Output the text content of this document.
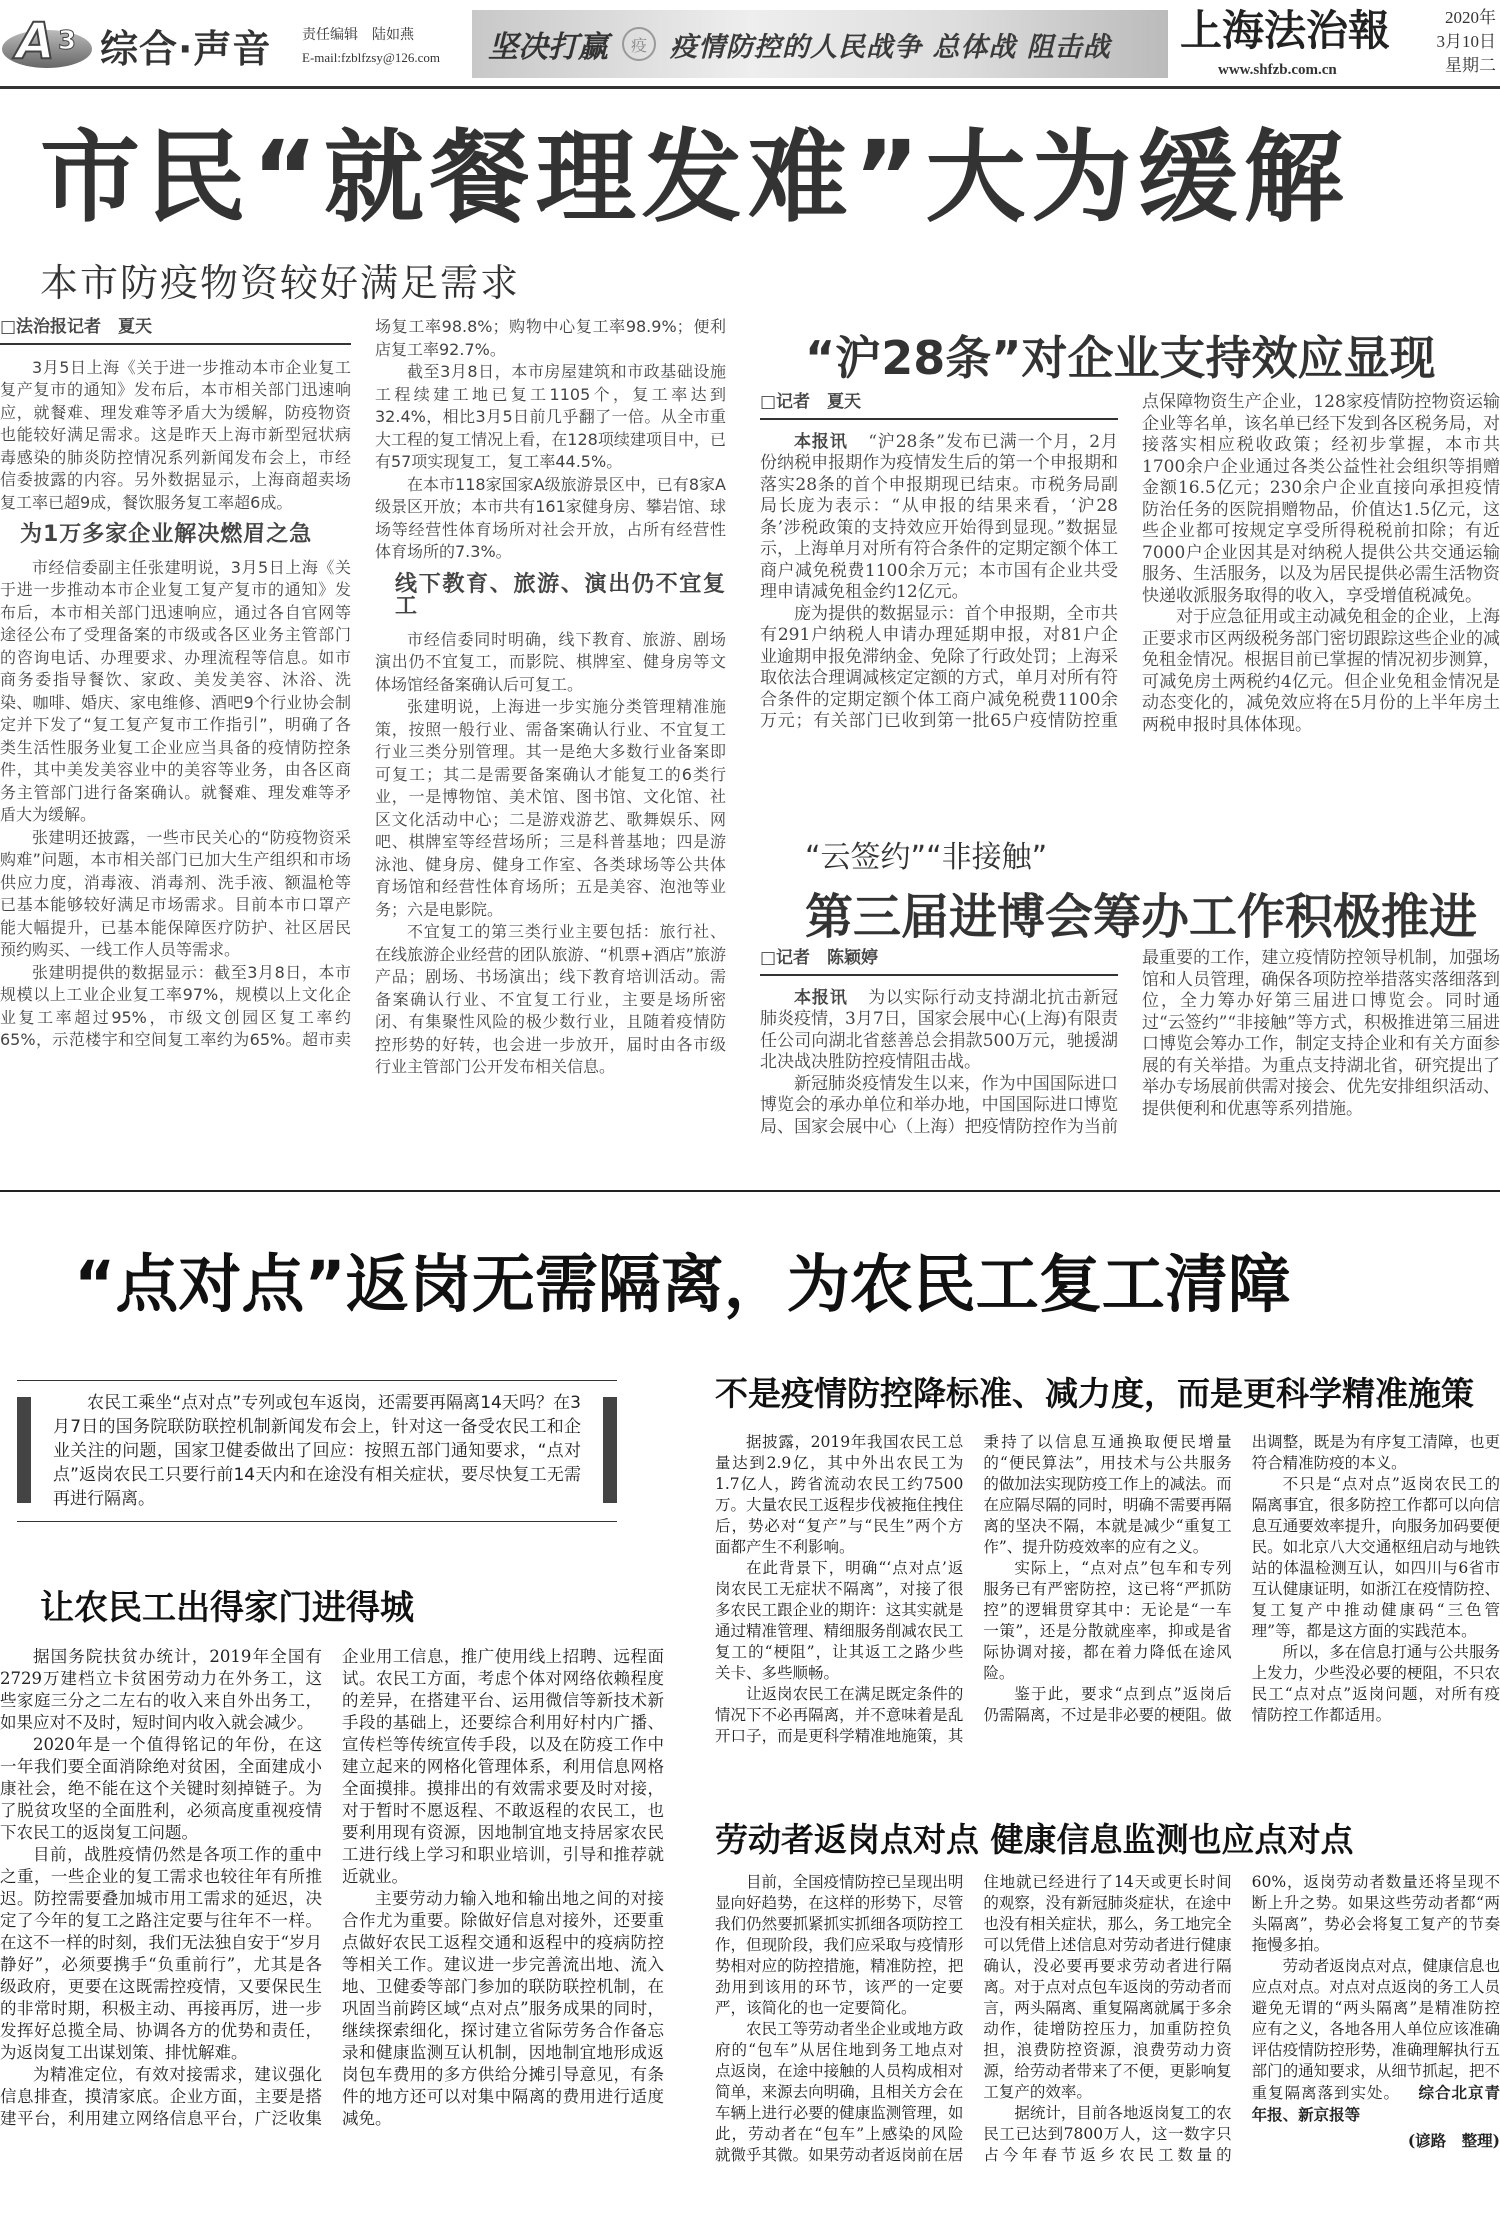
A 3 综合·声音 责任编辑　陆如燕
E-mail:fzblfzsy@126.com 坚决打赢	疫 疫情防控的人民战争 总体战 阻击战 上海法治報
www.shfzb.com.cn
2020年
3月10日
星期二
市民“就餐理发难”大为缓解
本市防疫物资较好满足需求
□法治报记者　夏天

3月5日上海《关于进一步推动本市企业复工复产复市的通知》发布后，本市相关部门迅速响应，就餐难、理发难等矛盾大为缓解，防疫物资也能较好满足需求。这是昨天上海市新型冠状病毒感染的肺炎防控情况系列新闻发布会上，市经信委披露的内容。另外数据显示，上海商超卖场复工率已超9成，餐饮服务复工率超6成。

为1万多家企业解决燃眉之急

市经信委副主任张建明说，3月5日上海《关于进一步推动本市企业复工复产复市的通知》发布后，本市相关部门迅速响应，通过各自官网等途径公布了受理备案的市级或各区业务主管部门的咨询电话、办理要求、办理流程等信息。如市商务委指导餐饮、家政、美发美容、沐浴、洗染、咖啡、婚庆、家电维修、酒吧9个行业协会制定并下发了“复工复产复市工作指引”，明确了各类生活性服务业复工企业应当具备的疫情防控条件，其中美发美容业中的美容等业务，由各区商务主管部门进行备案确认。就餐难、理发难等矛盾大为缓解。

张建明还披露，一些市民关心的“防疫物资采购难”问题，本市相关部门已加大生产组织和市场供应力度，消毒液、消毒剂、洗手液、额温枪等已基本能够较好满足市场需求。目前本市口罩产能大幅提升，已基本能保障医疗防护、社区居民预约购买、一线工作人员等需求。

张建明提供的数据显示：截至3月8日，本市规模以上工业企业复工率97%，规模以上文化企业复工率超过95%，市级文创园区复工率约65%，示范楼宇和空间复工率约为65%。超市卖场复工率98.8%；购物中心复工率98.9%；便利店复工率92.7%。

截至3月8日，本市房屋建筑和市政基础设施工程续建工地已复工1105个，复工率达到32.4%，相比3月5日前几乎翻了一倍。从全市重大工程的复工情况上看，在128项续建项目中，已有57项实现复工，复工率44.5%。

在本市118家国家A级旅游景区中，已有8家A级景区开放；本市共有161家健身房、攀岩馆、球场等经营性体育场所对社会开放，占所有经营性体育场所的7.3%。

线下教育、旅游、演出仍不宜复工

市经信委同时明确，线下教育、旅游、剧场演出仍不宜复工，而影院、棋牌室、健身房等文体场馆经备案确认后可复工。

张建明说，上海进一步实施分类管理精准施策，按照一般行业、需备案确认行业、不宜复工行业三类分别管理。其一是绝大多数行业备案即可复工；其二是需要备案确认才能复工的6类行业，一是博物馆、美术馆、图书馆、文化馆、社区文化活动中心；二是游戏游艺、歌舞娱乐、网吧、棋牌室等经营场所；三是科普基地；四是游泳池、健身房、健身工作室、各类球场等公共体育场馆和经营性体育场所；五是美容、泡池等业务；六是电影院。

不宜复工的第三类行业主要包括：旅行社、在线旅游企业经营的团队旅游、“机票+酒店”旅游产品；剧场、书场演出；线下教育培训活动。需备案确认行业、不宜复工行业，主要是场所密闭、有集聚性风险的极少数行业，且随着疫情防控形势的好转，也会进一步放开，届时由各市级行业主管部门公开发布相关信息。

“沪28条”对企业支持效应显现
□记者　夏天

本报讯 “沪28条”发布已满一个月，2月份纳税申报期作为疫情发生后的第一个申报期和落实28条的首个申报期现已结束。市税务局副局长庞为表示：“从申报的结果来看，‘沪28条’涉税政策的支持效应开始得到显现。”数据显示，上海单月对所有符合条件的定期定额个体工商户减免税费1100余万元；本市国有企业共受理申请减免租金约12亿元。

庞为提供的数据显示：首个申报期，全市共有291户纳税人申请办理延期申报，对81户企业逾期申报免滞纳金、免除了行政处罚；上海采取依法合理调减核定定额的方式，单月对所有符合条件的定期定额个体工商户减免税费1100余万元；有关部门已收到第一批65户疫情防控重点保障物资生产企业，128家疫情防控物资运输企业等名单，该名单已经下发到各区税务局，对接落实相应税收政策；经初步掌握，本市共1700余户企业通过各类公益性社会组织等捐赠金额16.5亿元；230余户企业直接向承担疫情防治任务的医院捐赠物品，价值达1.5亿元，这些企业都可按规定享受所得税税前扣除；有近7000户企业因其是对纳税人提供公共交通运输服务、生活服务，以及为居民提供必需生活物资快递收派服务取得的收入，享受增值税减免。

对于应急征用或主动减免租金的企业，上海正要求市区两级税务部门密切跟踪这些企业的减免租金情况。根据目前已掌握的情况初步测算，可减免房土两税约4亿元。但企业免租金情况是动态变化的，减免效应将在5月份的上半年房土两税申报时具体体现。

“云签约”“非接触”
第三届进博会筹办工作积极推进
□记者　陈颖婷

本报讯 为以实际行动支持湖北抗击新冠肺炎疫情，3月7日，国家会展中心(上海)有限责任公司向湖北省慈善总会捐款500万元，驰援湖北决战决胜防控疫情阻击战。

新冠肺炎疫情发生以来，作为中国国际进口博览会的承办单位和举办地，中国国际进口博览局、国家会展中心（上海）把疫情防控作为当前最重要的工作，建立疫情防控领导机制，加强场馆和人员管理，确保各项防控举措落实落细落到位，全力筹办好第三届进口博览会。同时通过“云签约”“非接触”等方式，积极推进第三届进口博览会筹办工作，制定支持企业和有关方面参展的有关举措。为重点支持湖北省，研究提出了举办专场展前供需对接会、优先安排组织活动、提供便利和优惠等系列措施。

“点对点”返岗无需隔离，为农民工复工清障
农民工乘坐“点对点”专列或包车返岗，还需要再隔离14天吗？在3月7日的国务院联防联控机制新闻发布会上，针对这一备受农民工和企业关注的问题，国家卫健委做出了回应：按照五部门通知要求，“点对点”返岗农民工只要行前14天内和在途没有相关症状，要尽快复工无需再进行隔离。
让农民工出得家门进得城

据国务院扶贫办统计，2019年全国有2729万建档立卡贫困劳动力在外务工，这些家庭三分之二左右的收入来自外出务工，如果应对不及时，短时间内收入就会减少。

2020年是一个值得铭记的年份，在这一年我们要全面消除绝对贫困，全面建成小康社会，绝不能在这个关键时刻掉链子。为了脱贫攻坚的全面胜利，必须高度重视疫情下农民工的返岗复工问题。

目前，战胜疫情仍然是各项工作的重中之重，一些企业的复工需求也较往年有所推迟。防控需要叠加城市用工需求的延迟，决定了今年的复工之路注定要与往年不一样。在这不一样的时刻，我们无法独自安于“岁月静好”，必须要携手“负重前行”，尤其是各级政府，更要在这既需控疫情，又要保民生的非常时期，积极主动、再接再厉，进一步发挥好总揽全局、协调各方的优势和责任，为返岗复工出谋划策、排忧解难。

为精准定位，有效对接需求，建议强化信息排查，摸清家底。企业方面，主要是搭建平台，利用建立网络信息平台，广泛收集企业用工信息，推广使用线上招聘、远程面试。农民工方面，考虑个体对网络依赖程度的差异，在搭建平台、运用微信等新技术新手段的基础上，还要综合利用好村内广播、宣传栏等传统宣传手段，以及在防疫工作中建立起来的网格化管理体系，利用信息网格全面摸排。摸排出的有效需求要及时对接，对于暂时不愿返程、不敢返程的农民工，也要利用现有资源，因地制宜地支持居家农民工进行线上学习和职业培训，引导和推荐就近就业。

主要劳动力输入地和输出地之间的对接合作尤为重要。除做好信息对接外，还要重点做好农民工返程交通和返程中的疫病防控等相关工作。建议进一步完善流出地、流入地、卫健委等部门参加的联防联控机制，在巩固当前跨区域“点对点”服务成果的同时，继续探索细化，探讨建立省际劳务合作备忘录和健康监测互认机制，因地制宜地形成返岗包车费用的多方供给分摊引导意见，有条件的地方还可以对集中隔离的费用进行适度减免。

不是疫情防控降标准、减力度，而是更科学精准施策

据披露，2019年我国农民工总量达到2.9亿，其中外出农民工为1.7亿人，跨省流动农民工约7500万。大量农民工返程步伐被拖住拽住后，势必对“复产”与“民生”两个方面都产生不利影响。

在此背景下，明确“‘点对点’返岗农民工无症状不隔离”，对接了很多农民工跟企业的期许：这其实就是通过精准管理、精细服务削减农民工复工的“梗阻”，让其返工之路少些关卡、多些顺畅。

让返岗农民工在满足既定条件的情况下不必再隔离，并不意味着是乱开口子，而是更科学精准地施策，其秉持了以信息互通换取便民增量的“便民算法”，用技术与公共服务的做加法实现防疫工作上的减法。而在应隔尽隔的同时，明确不需要再隔离的坚决不隔，本就是减少“重复工作”、提升防疫效率的应有之义。

实际上，“点对点”包车和专列服务已有严密防控，这已将“严抓防控”的逻辑贯穿其中：无论是“一车一策”，还是分散就座率，抑或是省际协调对接，都在着力降低在途风险。

鉴于此，要求“点到点”返岗后仍需隔离，不过是非必要的梗阻。做出调整，既是为有序复工清障，也更符合精准防疫的本义。

不只是“点对点”返岗农民工的隔离事宜，很多防控工作都可以向信息互通要效率提升，向服务加码要便民。如北京八大交通枢纽启动与地铁站的体温检测互认，如四川与6省市互认健康证明，如浙江在疫情防控、复工复产中推动健康码“三色管理”等，都是这方面的实践范本。

所以，多在信息打通与公共服务上发力，少些没必要的梗阻，不只农民工“点对点”返岗问题，对所有疫情防控工作都适用。

劳动者返岗点对点 健康信息监测也应点对点

目前，全国疫情防控已呈现出明显向好趋势，在这样的形势下，尽管我们仍然要抓紧抓实抓细各项防控工作，但现阶段，我们应采取与疫情形势相对应的防控措施，精准防控，把劲用到该用的环节，该严的一定要严，该简化的也一定要简化。

农民工等劳动者坐企业或地方政府的“包车”从居住地到务工地点对点返岗，在途中接触的人员构成相对简单，来源去向明确，且相关方会在车辆上进行必要的健康监测管理，如此，劳动者在“包车”上感染的风险就微乎其微。如果劳动者返岗前在居住地就已经进行了14天或更长时间的观察，没有新冠肺炎症状，在途中也没有相关症状，那么，务工地完全可以凭借上述信息对劳动者进行健康确认，没必要再要求劳动者进行隔离。对于点对点包车返岗的劳动者而言，两头隔离、重复隔离就属于多余动作，徒增防控压力，加重防控负担，浪费防控资源，浪费劳动力资源，给劳动者带来了不便，更影响复工复产的效率。

据统计，目前各地返岗复工的农民工已达到7800万人，这一数字只占今年春节返乡农民工数量的60%，返岗劳动者数量还将呈现不断上升之势。如果这些劳动者都“两头隔离”，势必会将复工复产的节奏拖慢多拍。

劳动者返岗点对点，健康信息也应点对点。对点对点返岗的务工人员避免无谓的“两头隔离”是精准防控应有之义，各地各用人单位应该准确评估疫情防控形势，准确理解执行五部门的通知要求，从细节抓起，把不重复隔离落到实处。 综合北京青年报、新京报等

(谚路　整理)
